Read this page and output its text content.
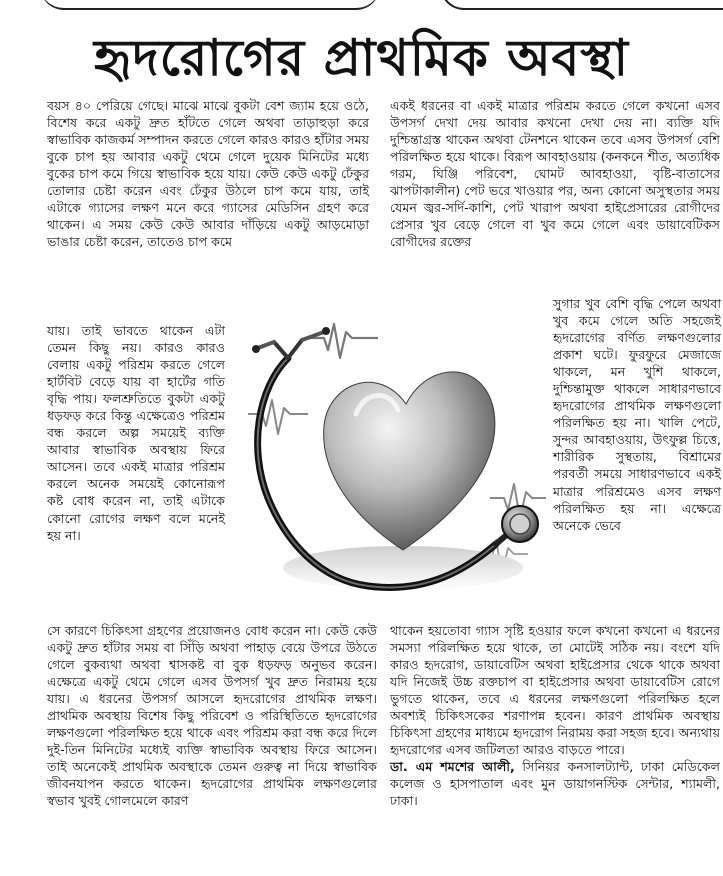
হৃদরোগের প্রাথমিক অবস্থা

বয়স ৪০ পেরিয়ে গেছে। মাঝে মাঝে বুকটা বেশ জ্যাম হয়ে ওঠে, বিশেষ করে একটু দ্রুত হাঁটতে গেলে অথবা তাড়াহুড়া করে স্বাভাবিক কাজকর্ম সম্পাদন করতে গেলে কারও কারও হাঁটার সময় বুকে চাপ হয় আবার একটু থেমে গেলে দুয়েক মিনিটের মধ্যে বুকের চাপ কমে গিয়ে স্বাভাবিক হয়ে যায়। কেউ কেউ একটু ঢেঁকুর তোলার চেষ্টা করেন এবং ঢেঁকুর উঠলে চাপ কমে যায়, তাই এটাকে গ্যাসের লক্ষণ মনে করে গ্যাসের মেডিসিন গ্রহণ করে থাকেন। এ সময় কেউ কেউ আবার দাঁড়িয়ে একটু আড়মোড়া ভাঙার চেষ্টা করেন, তাতেও চাপ কমে

যায়। তাই ভাবতে থাকেন এটা তেমন কিছু নয়। কারও কারও বেলায় একটু পরিশ্রম করতে গেলে হার্টবিট বেড়ে যায় বা হার্টের গতি বৃদ্ধি পায়। ফলশ্রুতিতে বুকটা একটু ধড়ফড় করে কিন্তু এক্ষেত্রেও পরিশ্রম বন্ধ করলে অল্প সময়েই ব্যক্তি আবার স্বাভাবিক অবস্থায় ফিরে আসেন। তবে একই মাত্রার পরিশ্রম করলে অনেক সময়েই কোনোরূপ কষ্ট বোধ করেন না, তাই এটাকে কোনো রোগের লক্ষণ বলে মনেই হয় না।

সে কারণে চিকিৎসা গ্রহণের প্রয়োজনও বোধ করেন না। কেউ কেউ একটু দ্রুত হাঁটার সময় বা সিঁড়ি অথবা পাহাড় বেয়ে উপরে উঠতে গেলে বুকব্যথা অথবা শ্বাসকষ্ট বা বুক ধড়ফড় অনুভব করেন। এক্ষেত্রে একটু থেমে গেলে এসব উপসর্গ খুব দ্রুত নিরাময় হয়ে যায়। এ ধরনের উপসর্গ আসলে হৃদরোগের প্রাথমিক লক্ষণ। প্রাথমিক অবস্থায় বিশেষ কিছু পরিবেশ ও পরিস্থিতিতে হৃদরোগের লক্ষণগুলো পরিলক্ষিত হয়ে থাকে এবং পরিশ্রম করা বন্ধ করে দিলে দুই-তিন মিনিটের মধ্যেই ব্যক্তি স্বাভাবিক অবস্থায় ফিরে আসেন। তাই অনেকেই প্রাথমিক অবস্থাকে তেমন গুরুত্ব না দিয়ে স্বাভাবিক জীবনযাপন করতে থাকেন। হৃদরোগের প্রাথমিক লক্ষণগুলোর স্বভাব খুবই গোলমেলে কারণ

একই ধরনের বা একই মাত্রার পরিশ্রম করতে গেলে কখনো এসব উপসর্গ দেখা দেয় আবার কখনো দেখা দেয় না। ব্যক্তি যদি দুশ্চিন্তাগ্রস্ত থাকেন অথবা টেনশনে থাকেন তবে এসব উপসর্গ বেশি পরিলক্ষিত হয়ে থাকে। বিরূপ আবহাওয়ায় (কনকনে শীত, অত্যধিক গরম, ঘিঞ্জি পরিবেশ, ঘোমট আবহাওয়া, বৃষ্টি-বাতাসের ঝাপটাকালীন) পেট ভরে খাওয়ার পর, অন্য কোনো অসুস্থতার সময় যেমন জ্বর-সর্দি-কাশি, পেট খারাপ অথবা হাইপ্রেসারের রোগীদের প্রেসার খুব বেড়ে গেলে বা খুব কমে গেলে এবং ডায়াবেটিকস রোগীদের রক্তের

সুগার খুব বেশি বৃদ্ধি পেলে অথবা খুব কমে গেলে অতি সহজেই হৃদরোগের বর্ণিত লক্ষণগুলোর প্রকাশ ঘটে। ফুরফুরে মেজাজে থাকলে, মন খুশি থাকলে, দুশ্চিন্তামুক্ত থাকলে সাধারণভাবে হৃদরোগের প্রাথমিক লক্ষণগুলো পরিলক্ষিত হয় না। খালি পেটে, সুন্দর আবহাওয়ায়, উৎফুল্ল চিত্তে, শারীরিক সুস্থতায়, বিশ্রামের পরবর্তী সময়ে সাধারণভাবে একই মাত্রার পরিশ্রমেও এসব লক্ষণ পরিলক্ষিত হয় না। এক্ষেত্রে অনেকে ভেবে

থাকেন হয়তোবা গ্যাস সৃষ্টি হওয়ার ফলে কখনো কখনো এ ধরনের সমস্যা পরিলক্ষিত হয়ে থাকে, তা মোটেই সঠিক নয়। বংশে যদি কারও হৃদরোগ, ডায়াবেটিস অথবা হাইপ্রেসার থেকে থাকে অথবা যদি নিজেই উচ্চ রক্তচাপ বা হাইপ্রেসার অথবা ডায়াবেটিস রোগে ভুগতে থাকেন, তবে এ ধরনের লক্ষণগুলো পরিলক্ষিত হলে অবশ্যই চিকিৎসকের শরণাপন্ন হবেন। কারণ প্রাথমিক অবস্থায় চিকিৎসা গ্রহণের মাধ্যমে হৃদরোগ নিরাময় করা সহজ হবে। অন্যথায় হৃদরোগের এসব জটিলতা আরও বাড়তে পারে।

ডা. এম শমশের আলী, সিনিয়র কনসালট্যান্ট, ঢাকা মেডিকেল কলেজ ও হাসপাতাল এবং মুন ডায়াগনস্টিক সেন্টার, শ্যামলী, ঢাকা।
